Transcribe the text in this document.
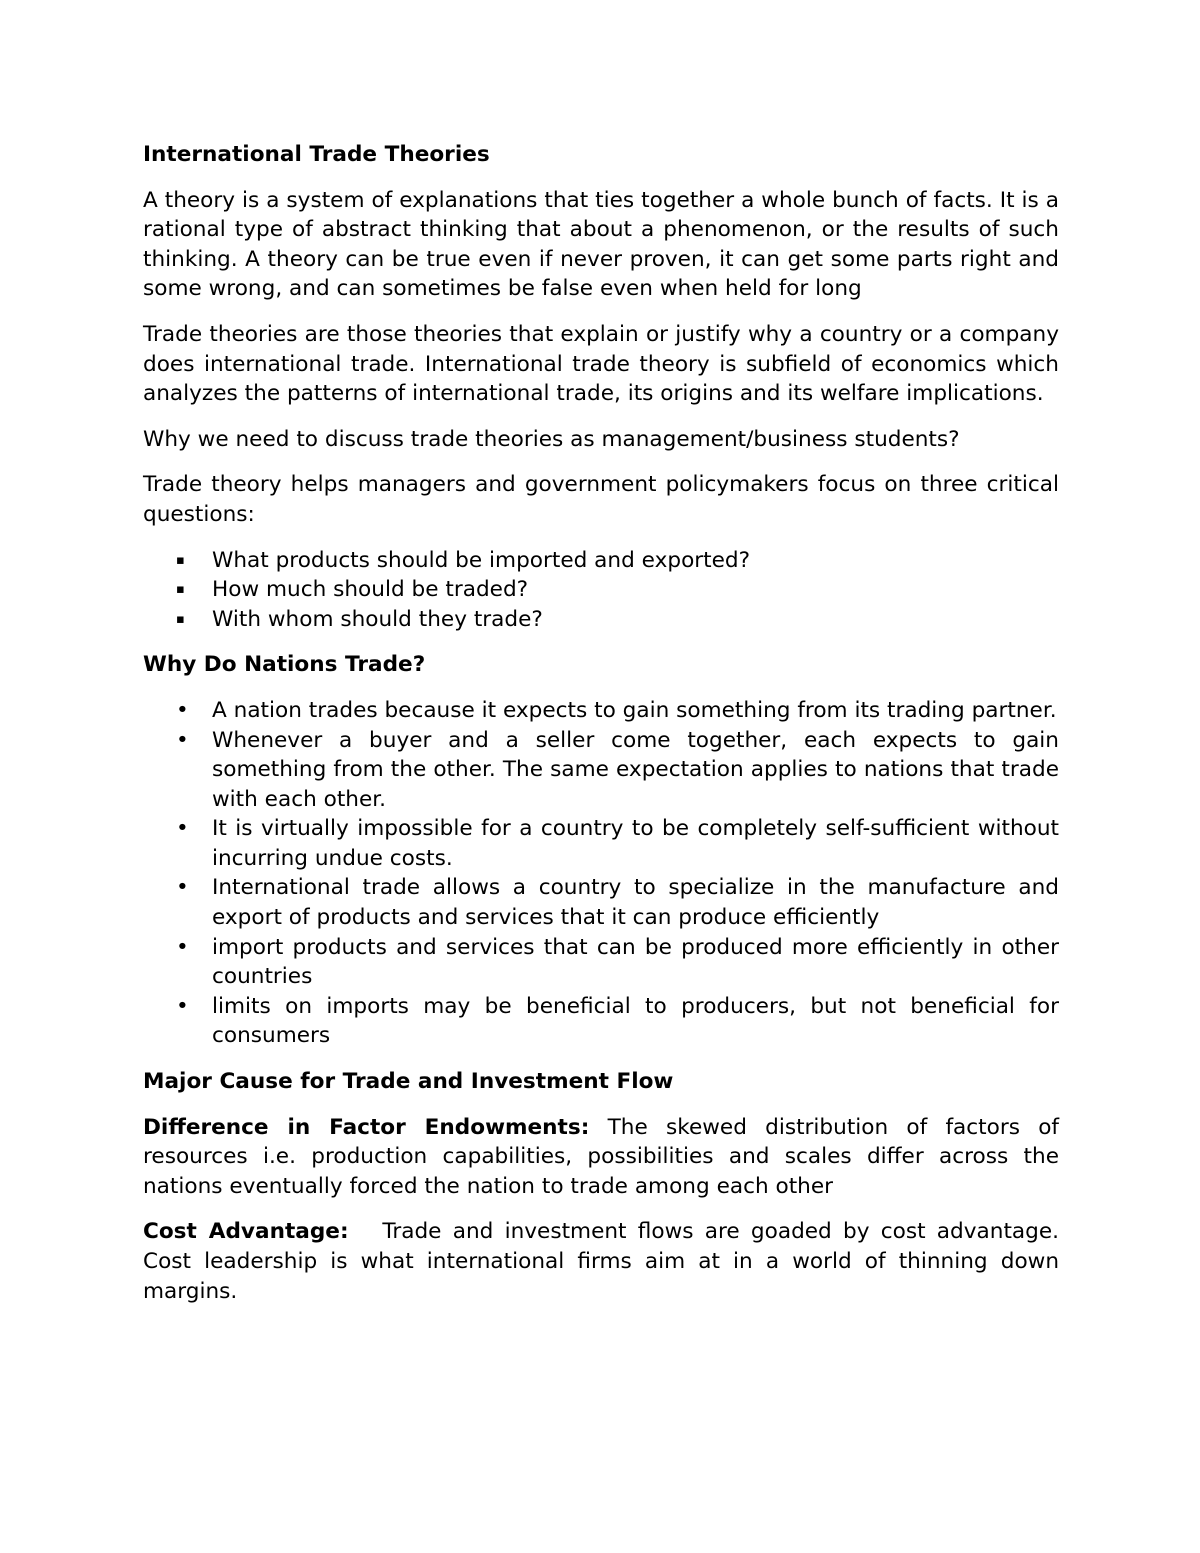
International Trade Theories

A theory is a system of explanations that ties together a whole bunch of facts. It is a rational type of abstract thinking that about a phenomenon, or the results of such thinking. A theory can be true even if never proven, it can get some parts right and some wrong, and can sometimes be false even when held for long

Trade theories are those theories that explain or justify why a country or a company does international trade. International trade theory is subfield of economics which analyzes the patterns of international trade, its origins and its welfare implications.

Why we need to discuss trade theories as management/business students?

Trade theory helps managers and government policymakers focus on three critical questions:

▪ What products should be imported and exported?
▪ How much should be traded?
▪ With whom should they trade?
Why Do Nations Trade?
• A nation trades because it expects to gain something from its trading partner.
• Whenever a buyer and a seller come together, each expects to gain something from the other. The same expectation applies to nations that trade with each other.
• It is virtually impossible for a country to be completely self-sufficient without incurring undue costs.
• International trade allows a country to specialize in the manufacture and export of products and services that it can produce efficiently
• import products and services that can be produced more efficiently in other countries
• limits on imports may be beneficial to producers, but not beneficial for consumers
Major Cause for Trade and Investment Flow

Difference in Factor Endowments: The skewed distribution of factors of resources i.e. production capabilities, possibilities and scales differ across the nations eventually forced the nation to trade among each other

Cost Advantage:   Trade and investment flows are goaded by cost advantage. Cost leadership is what international firms aim at in a world of thinning down margins.
